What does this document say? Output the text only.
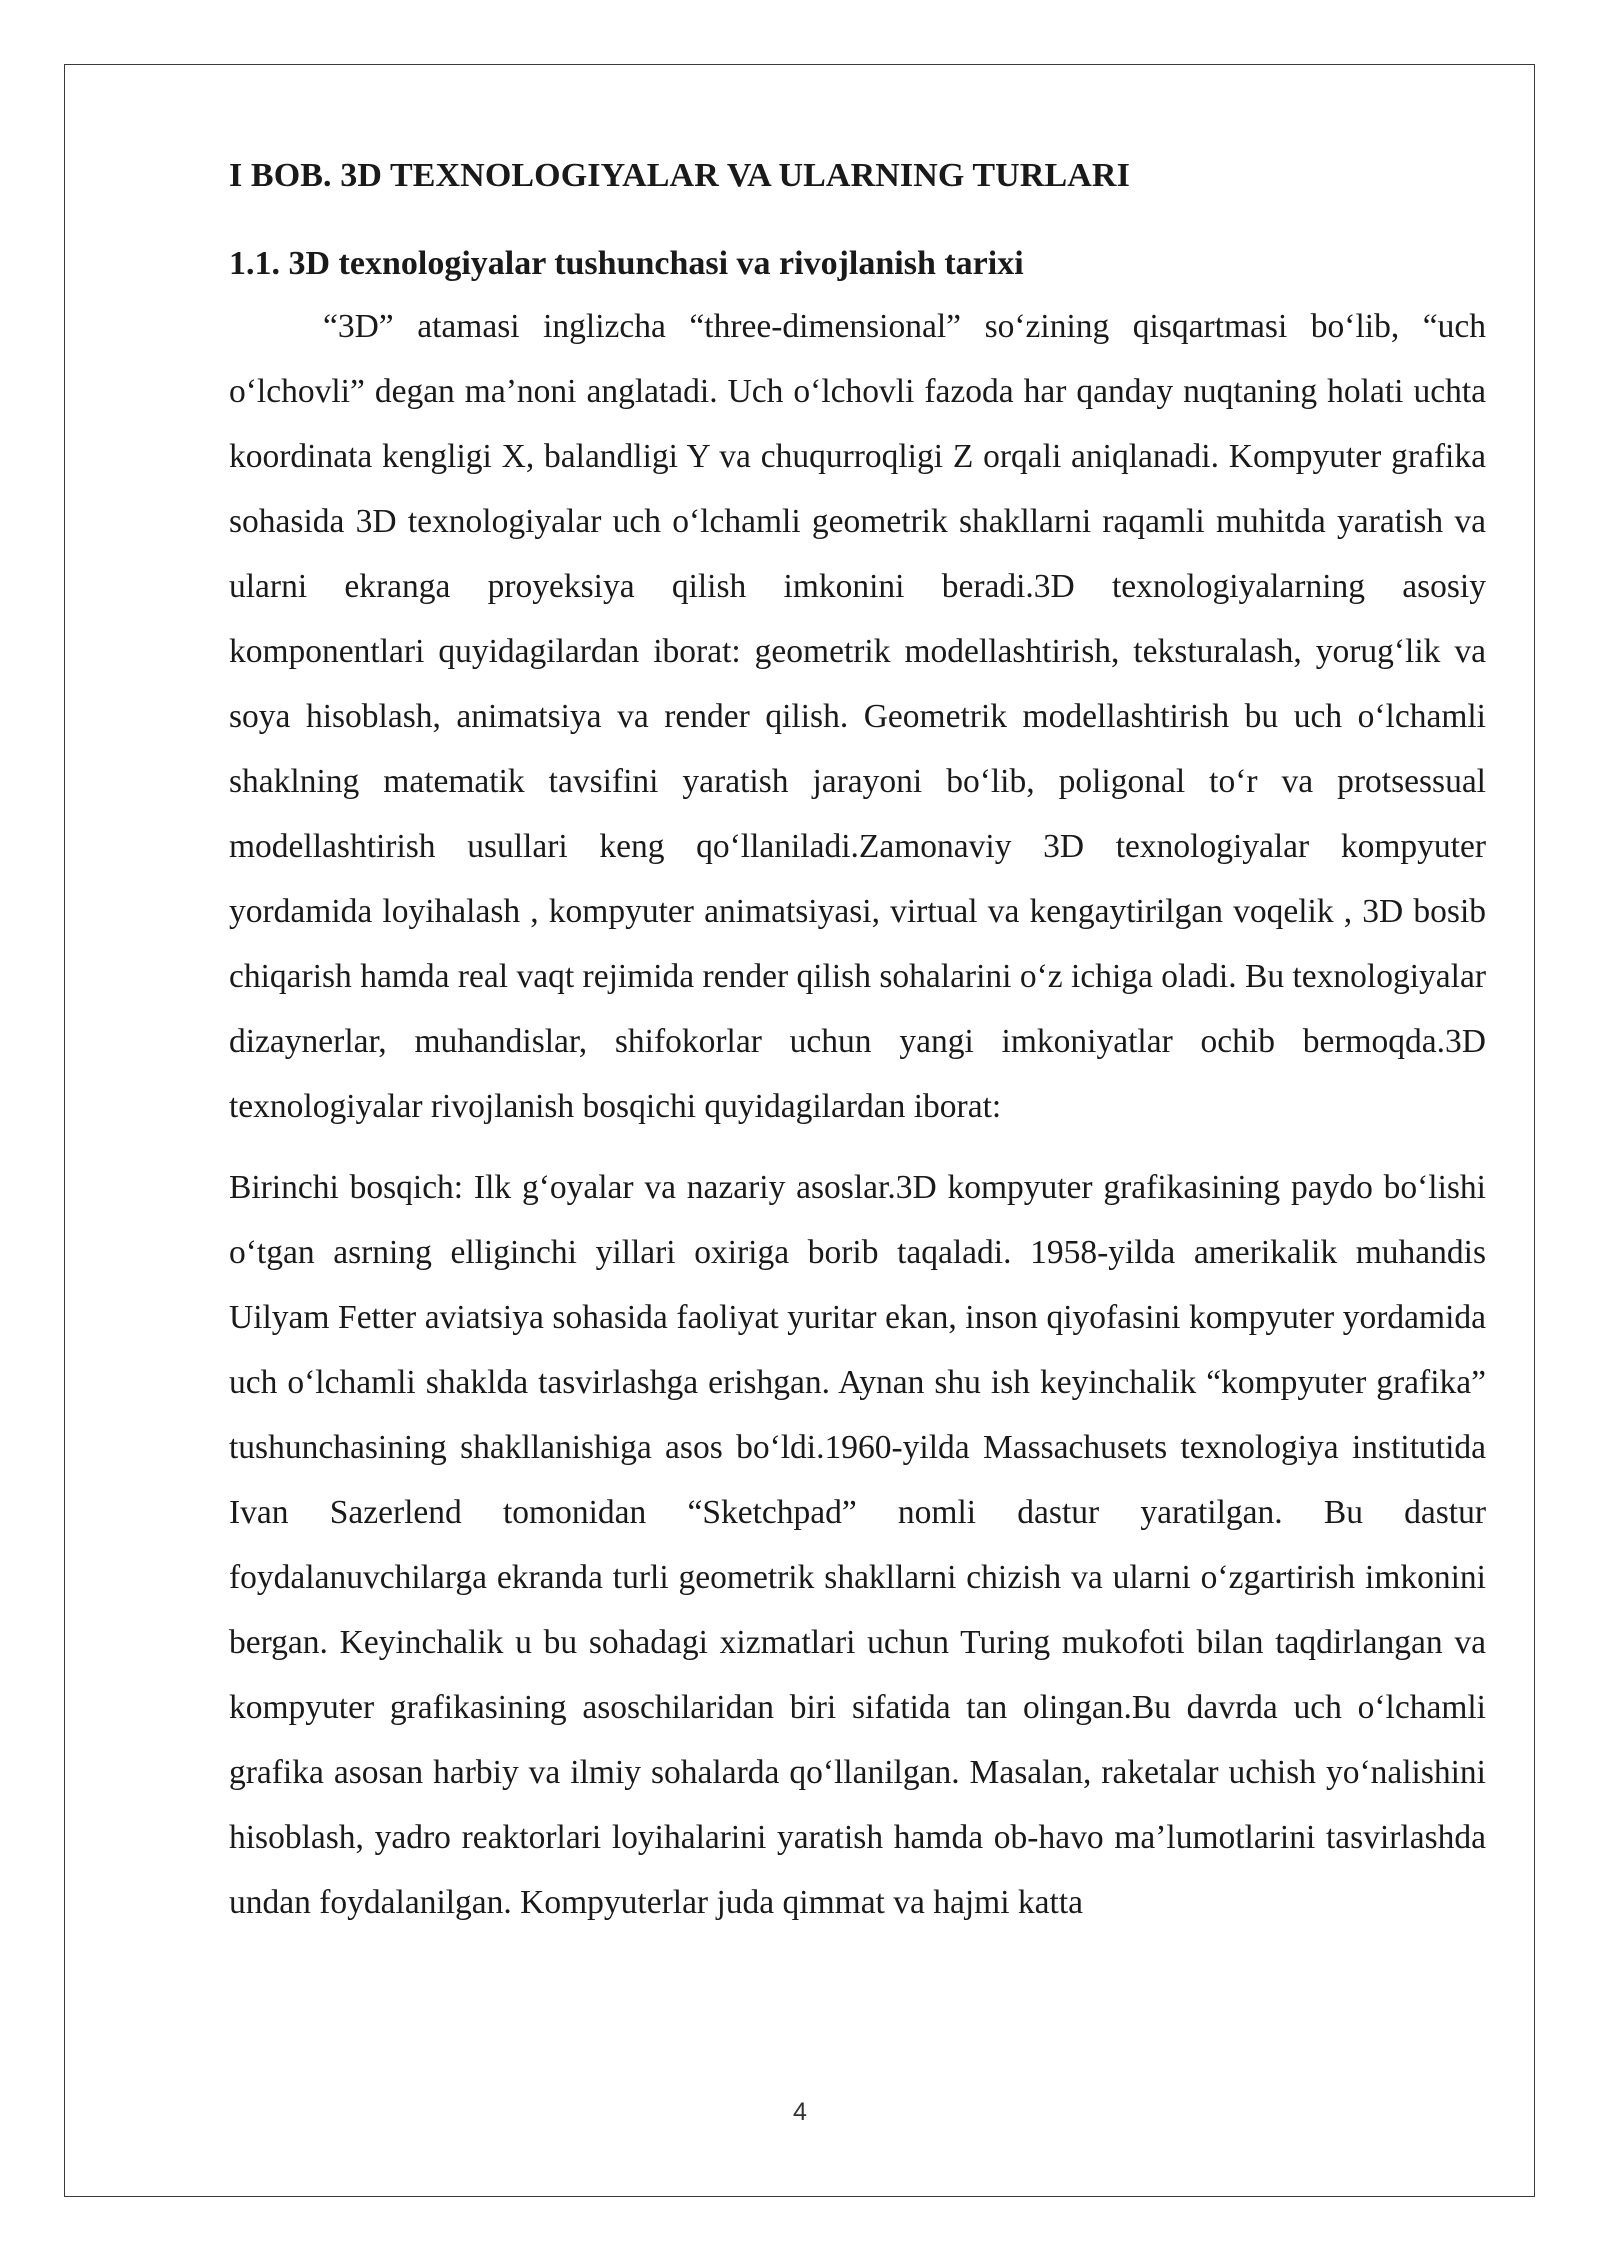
I BOB. 3D TEXNOLOGIYALAR VA ULARNING TURLARI
1.1. 3D texnologiyalar tushunchasi va rivojlanish tarixi

“3D” atamasi inglizcha “three-dimensional” so‘zining qisqartmasi bo‘lib, “uch o‘lchovli” degan ma’noni anglatadi. Uch o‘lchovli fazoda har qanday nuqtaning holati uchta koordinata kengligi X, balandligi Y va chuqurroqligi Z orqali aniqlanadi. Kompyuter grafika sohasida 3D texnologiyalar uch o‘lchamli geometrik shakllarni raqamli muhitda yaratish va ularni ekranga proyeksiya qilish imkonini beradi.3D texnologiyalarning asosiy komponentlari quyidagilardan iborat: geometrik modellashtirish, teksturalash, yorug‘lik va soya hisoblash, animatsiya va render qilish. Geometrik modellashtirish bu uch o‘lchamli shaklning matematik tavsifini yaratish jarayoni bo‘lib, poligonal to‘r va protsessual modellashtirish usullari keng qo‘llaniladi.Zamonaviy 3D texnologiyalar kompyuter yordamida loyihalash , kompyuter animatsiyasi, virtual va kengaytirilgan voqelik , 3D bosib chiqarish hamda real vaqt rejimida render qilish sohalarini o‘z ichiga oladi. Bu texnologiyalar dizaynerlar, muhandislar, shifokorlar uchun yangi imkoniyatlar ochib bermoqda.3D texnologiyalar rivojlanish bosqichi quyidagilardan iborat:

Birinchi bosqich: Ilk g‘oyalar va nazariy asoslar.3D kompyuter grafikasining paydo bo‘lishi o‘tgan asrning elliginchi yillari oxiriga borib taqaladi. 1958-yilda amerikalik muhandis Uilyam Fetter aviatsiya sohasida faoliyat yuritar ekan, inson qiyofasini kompyuter yordamida uch o‘lchamli shaklda tasvirlashga erishgan. Aynan shu ish keyinchalik “kompyuter grafika” tushunchasining shakllanishiga asos bo‘ldi.1960-yilda Massachusets texnologiya institutida Ivan Sazerlend tomonidan “Sketchpad” nomli dastur yaratilgan. Bu dastur foydalanuvchilarga ekranda turli geometrik shakllarni chizish va ularni o‘zgartirish imkonini bergan. Keyinchalik u bu sohadagi xizmatlari uchun Turing mukofoti bilan taqdirlangan va kompyuter grafikasining asoschilaridan biri sifatida tan olingan.Bu davrda uch o‘lchamli grafika asosan harbiy va ilmiy sohalarda qo‘llanilgan. Masalan, raketalar uchish yo‘nalishini hisoblash, yadro reaktorlari loyihalarini yaratish hamda ob-havo ma’lumotlarini tasvirlashda undan foydalanilgan. Kompyuterlar juda qimmat va hajmi katta

4
